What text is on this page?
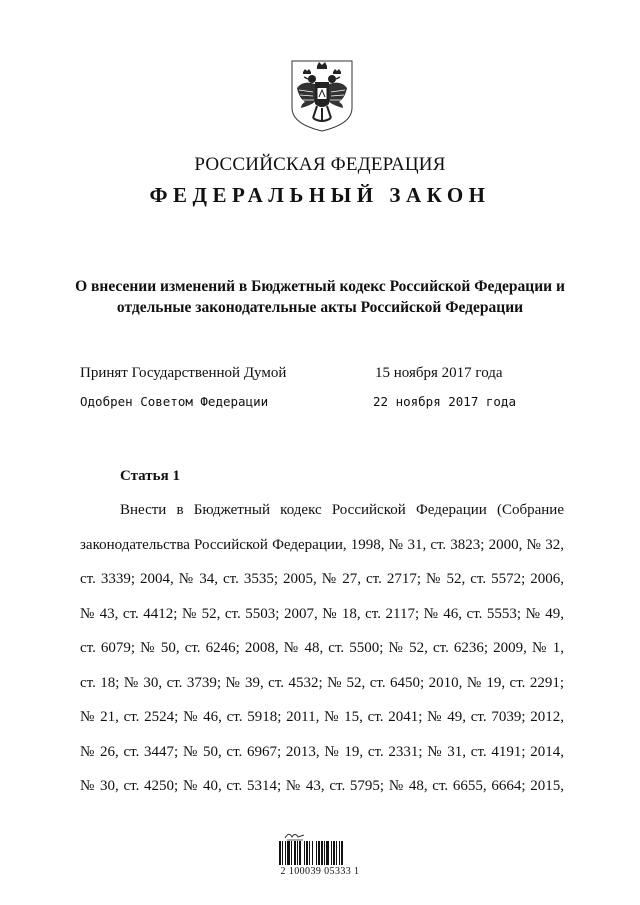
РОССИЙСКАЯ ФЕДЕРАЦИЯ
ФЕДЕРАЛЬНЫЙ ЗАКОН
О внесении изменений в Бюджетный кодекс Российской Федерации и
отдельные законодательные акты Российской Федерации
Принят Государственной Думой	15 ноября 2017 года
Одобрен Советом Федерации	22 ноября 2017 года
Статья 1
Внести в Бюджетный кодекс Российской Федерации (Собрание
законодательства Российской Федерации, 1998, № 31, ст. 3823; 2000, № 32,
ст. 3339; 2004, № 34, ст. 3535; 2005, № 27, ст. 2717; № 52, ст. 5572; 2006,
№ 43, ст. 4412; № 52, ст. 5503; 2007, № 18, ст. 2117; № 46, ст. 5553; № 49,
ст. 6079; № 50, ст. 6246; 2008, № 48, ст. 5500; № 52, ст. 6236; 2009, № 1,
ст. 18; № 30, ст. 3739; № 39, ст. 4532; № 52, ст. 6450; 2010, № 19, ст. 2291;
№ 21, ст. 2524; № 46, ст. 5918; 2011, № 15, ст. 2041; № 49, ст. 7039; 2012,
№ 26, ст. 3447; № 50, ст. 6967; 2013, № 19, ст. 2331; № 31, ст. 4191; 2014,
№ 30, ст. 4250; № 40, ст. 5314; № 43, ст. 5795; № 48, ст. 6655, 6664; 2015,
2 100039 05333 1
